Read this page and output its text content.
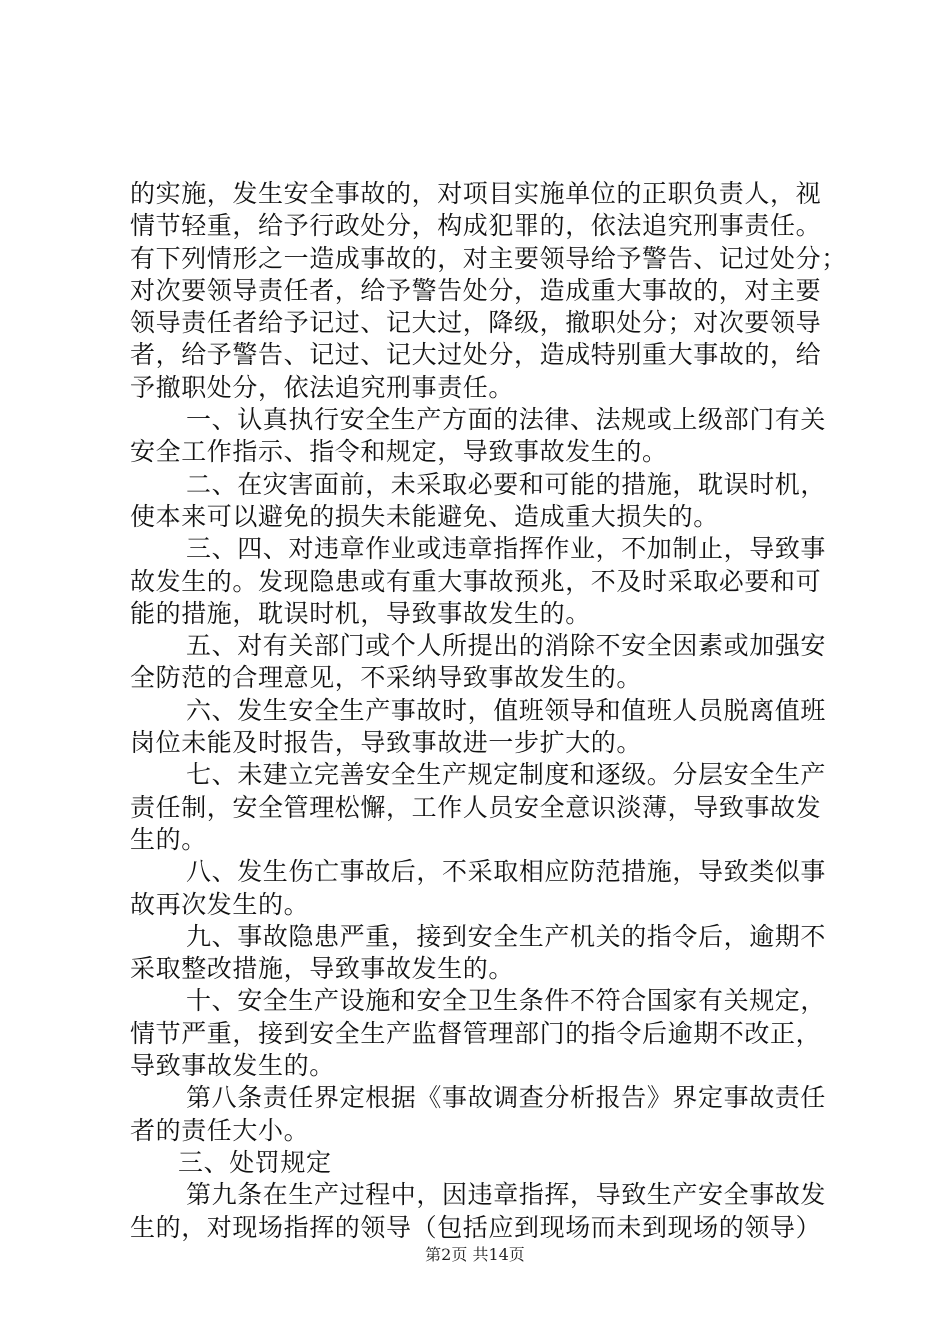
的实施，发生安全事故的，对项目实施单位的正职负责人，视
情节轻重，给予行政处分，构成犯罪的，依法追究刑事责任。
有下列情形之一造成事故的，对主要领导给予警告、记过处分；
对次要领导责任者，给予警告处分，造成重大事故的，对主要
领导责任者给予记过、记大过，降级，撤职处分；对次要领导
者，给予警告、记过、记大过处分，造成特别重大事故的，给
予撤职处分，依法追究刑事责任。
一、认真执行安全生产方面的法律、法规或上级部门有关
安全工作指示、指令和规定，导致事故发生的。
二、在灾害面前，未采取必要和可能的措施，耽误时机，
使本来可以避免的损失未能避免、造成重大损失的。
三、四、对违章作业或违章指挥作业，不加制止，导致事
故发生的。发现隐患或有重大事故预兆，不及时采取必要和可
能的措施，耽误时机，导致事故发生的。
五、对有关部门或个人所提出的消除不安全因素或加强安
全防范的合理意见，不采纳导致事故发生的。
六、发生安全生产事故时，值班领导和值班人员脱离值班
岗位未能及时报告，导致事故进一步扩大的。
七、未建立完善安全生产规定制度和逐级。分层安全生产
责任制，安全管理松懈，工作人员安全意识淡薄，导致事故发
生的。
八、发生伤亡事故后，不采取相应防范措施，导致类似事
故再次发生的。
九、事故隐患严重，接到安全生产机关的指令后，逾期不
采取整改措施，导致事故发生的。
十、安全生产设施和安全卫生条件不符合国家有关规定，
情节严重，接到安全生产监督管理部门的指令后逾期不改正，
导致事故发生的。
第八条责任界定根据《事故调查分析报告》界定事故责任
者的责任大小。
三、处罚规定
第九条在生产过程中，因违章指挥，导致生产安全事故发
生的，对现场指挥的领导（包括应到现场而未到现场的领导）
第2页 共14页
